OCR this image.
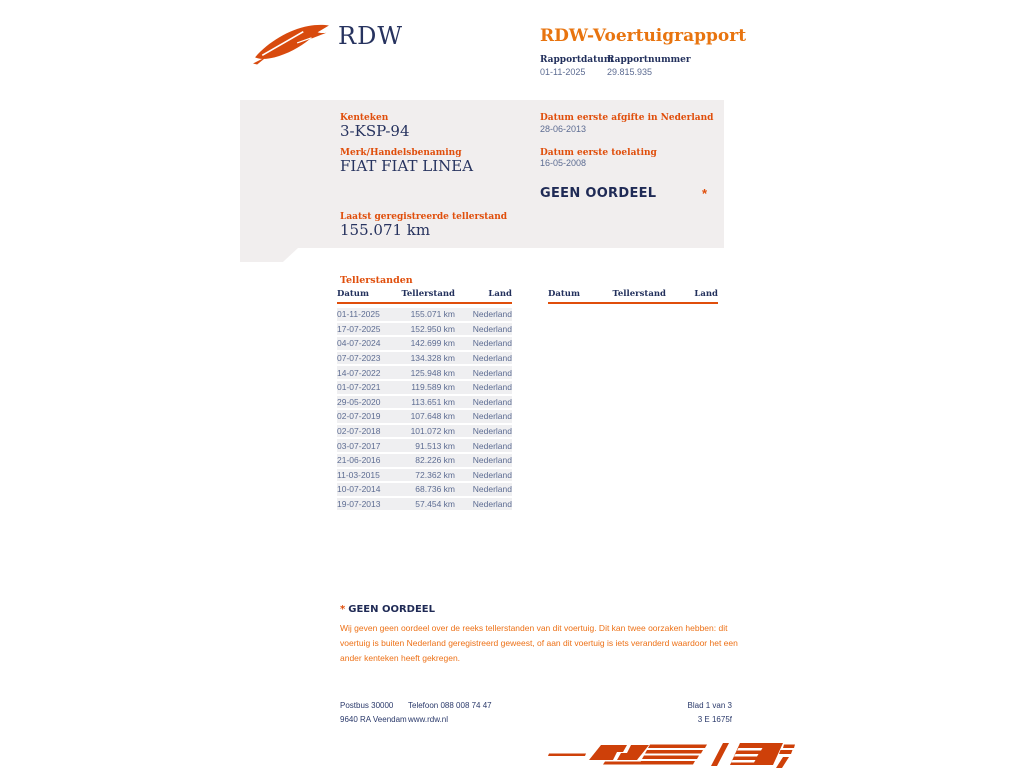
RDW	RDW-Voertuigrapport
Rapportdatum
Rapportnummer
01-11-2025 29.815.935
Kenteken
3-KSP-94
Merk/Handelsbenaming
FIAT FIAT LINEA
Laatst geregistreerde tellerstand
155.071 km
Datum eerste afgifte in Nederland
28-06-2013
Datum eerste toelating
16-05-2008
GEEN OORDEEL	*
Tellerstanden
Datum	Tellerstand	Land
01-11-2025	155.071 km	Nederland
17-07-2025	152.950 km	Nederland
04-07-2024	142.699 km	Nederland
07-07-2023	134.328 km	Nederland
14-07-2022	125.948 km	Nederland
01-07-2021	119.589 km	Nederland
29-05-2020	113.651 km	Nederland
02-07-2019	107.648 km	Nederland
02-07-2018	101.072 km	Nederland
03-07-2017	91.513 km	Nederland
21-06-2016	82.226 km	Nederland
11-03-2015	72.362 km	Nederland
10-07-2014	68.736 km	Nederland
19-07-2013	57.454 km	Nederland
Datum	Tellerstand	Land
* GEEN OORDEEL
Wij geven geen oordeel over de reeks tellerstanden van dit voertuig. Dit kan twee oorzaken hebben: dit
voertuig is buiten Nederland geregistreerd geweest, of aan dit voertuig is iets veranderd waardoor het een
ander kenteken heeft gekregen.
Postbus 30000
9640 RA Veendam
Telefoon 088 008 74 47
www.rdw.nl
Blad 1 van 3
3 E 1675f
